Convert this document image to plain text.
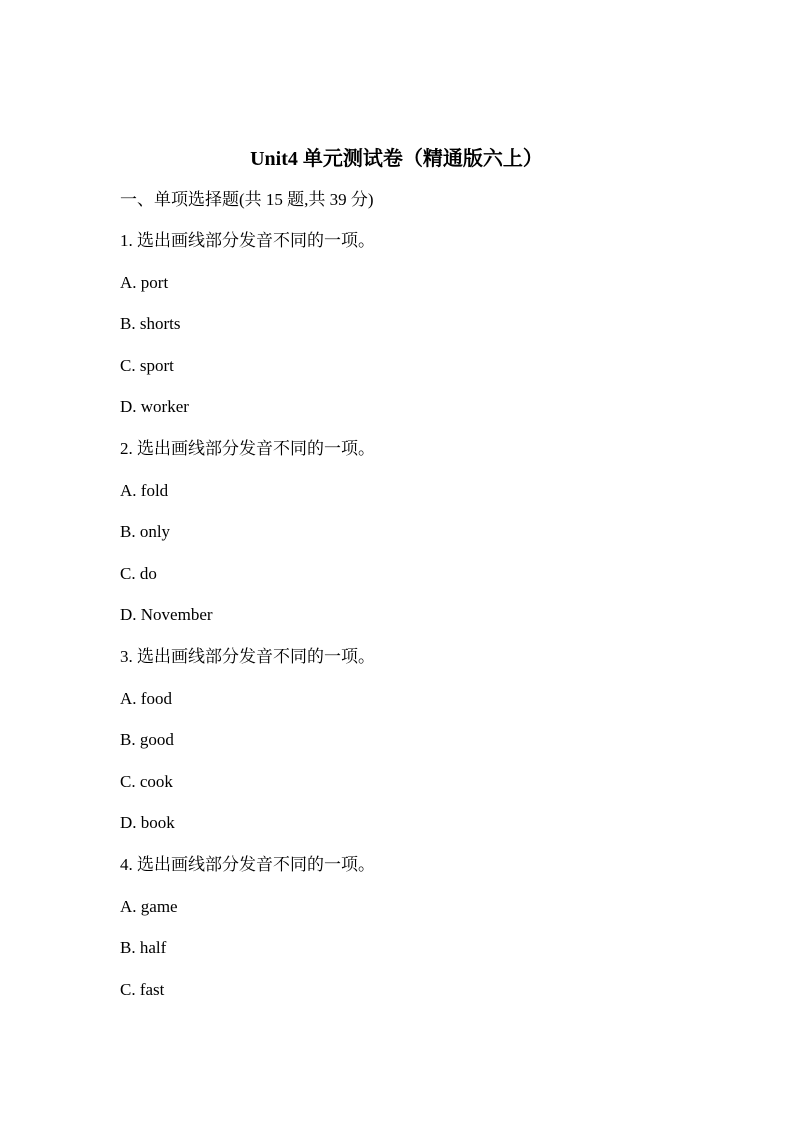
Unit4 单元测试卷（精通版六上）

一、单项选择题(共 15 题,共 39 分)

1. 选出画线部分发音不同的一项。
A. port
B. shorts
C. sport
D. worker
2. 选出画线部分发音不同的一项。
A. fold
B. only
C. do
D. November
3. 选出画线部分发音不同的一项。
A. food
B. good
C. cook
D. book
4. 选出画线部分发音不同的一项。
A. game
B. half
C. fast
